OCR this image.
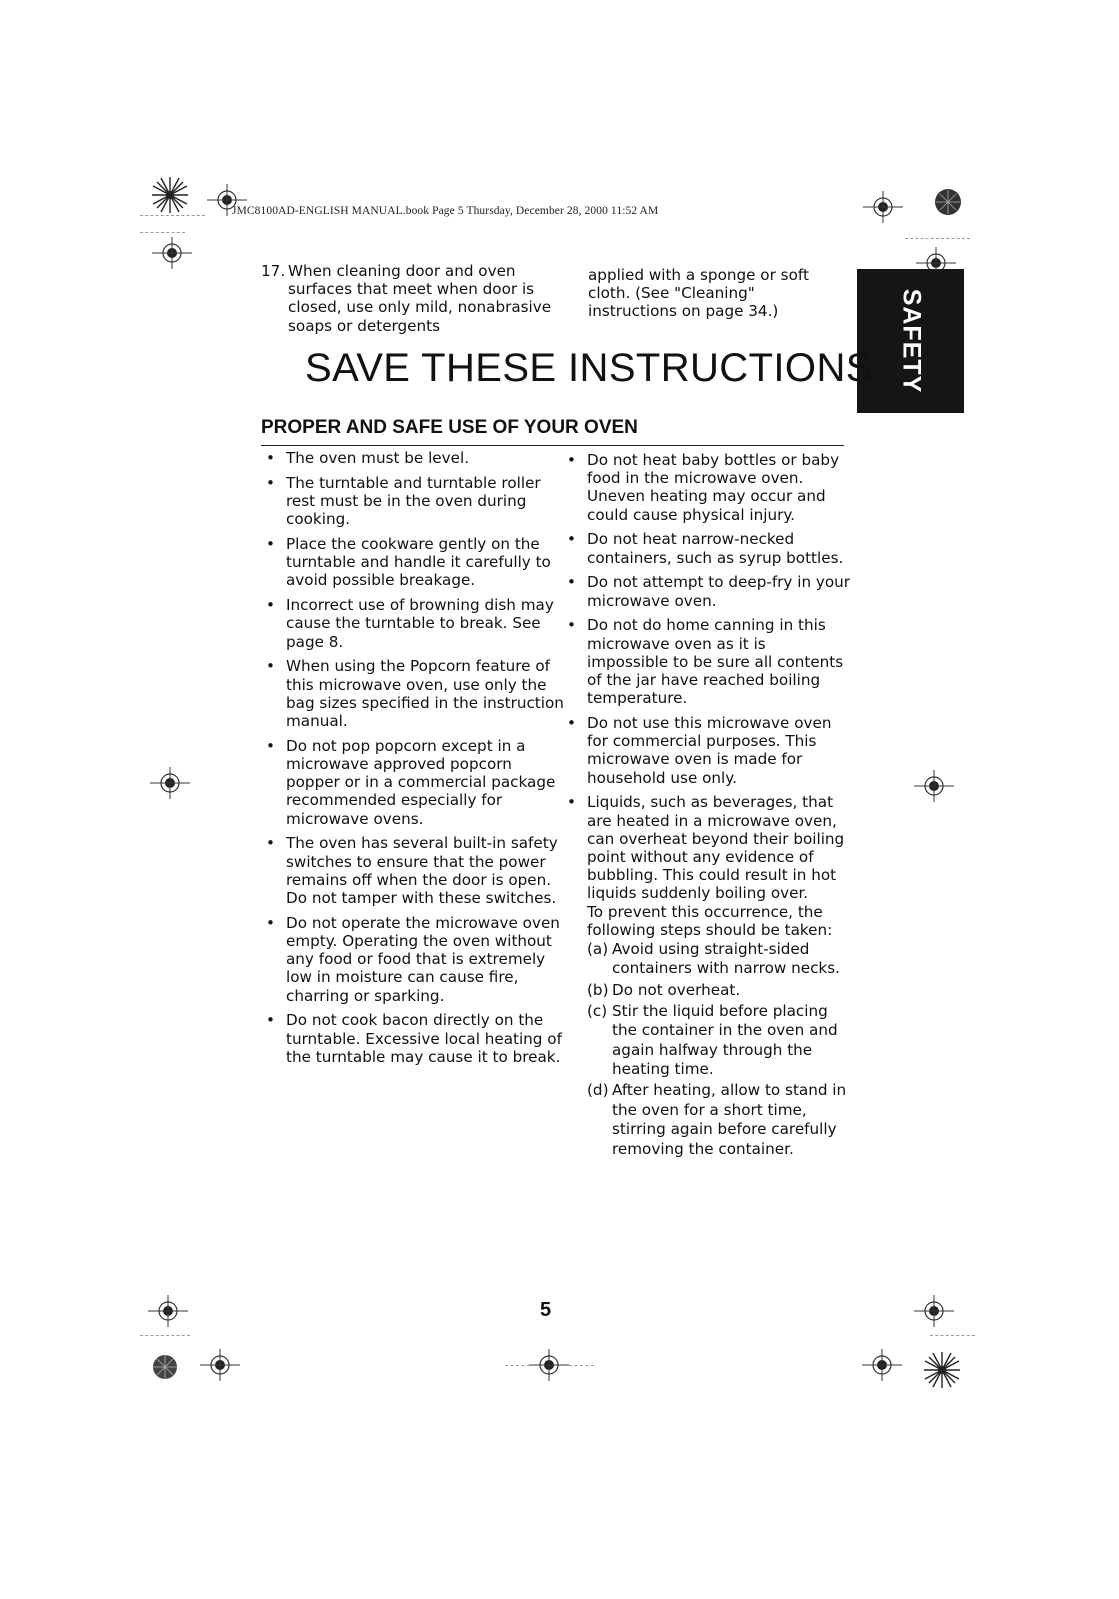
JMC8100AD-ENGLISH MANUAL.book Page 5 Thursday, December 28, 2000 11:52 AM
SAFETY
17. When cleaning door and oven surfaces that meet when door is closed, use only mild, nonabrasive soaps or detergents
applied with a sponge or soft cloth. (See "Cleaning" instructions on page 34.)
SAVE THESE INSTRUCTIONS
PROPER AND SAFE USE OF YOUR OVEN
• The oven must be level.
• The turntable and turntable roller rest must be in the oven during cooking.
• Place the cookware gently on the turntable and handle it carefully to avoid possible breakage.
• Incorrect use of browning dish may cause the turntable to break. See page 8.
• When using the Popcorn feature of this microwave oven, use only the bag sizes specified in the instruction manual.
• Do not pop popcorn except in a microwave approved popcorn popper or in a commercial package recommended especially for microwave ovens.
• The oven has several built-in safety switches to ensure that the power remains off when the door is open. Do not tamper with these switches.
• Do not operate the microwave oven empty. Operating the oven without any food or food that is extremely low in moisture can cause fire, charring or sparking.
• Do not cook bacon directly on the turntable. Excessive local heating of the turntable may cause it to break.
• Do not heat baby bottles or baby food in the microwave oven. Uneven heating may occur and could cause physical injury.
• Do not heat narrow-necked containers, such as syrup bottles.
• Do not attempt to deep-fry in your microwave oven.
• Do not do home canning in this microwave oven as it is impossible to be sure all contents of the jar have reached boiling temperature.
• Do not use this microwave oven for commercial purposes. This microwave oven is made for household use only.
• Liquids, such as beverages, that are heated in a microwave oven, can overheat beyond their boiling point without any evidence of bubbling. This could result in hot liquids suddenly boiling over.
To prevent this occurrence, the following steps should be taken:
(a) Avoid using straight-sided containers with narrow necks.
(b) Do not overheat.
(c) Stir the liquid before placing the container in the oven and again halfway through the heating time.
(d) After heating, allow to stand in the oven for a short time, stirring again before carefully removing the container.
5
